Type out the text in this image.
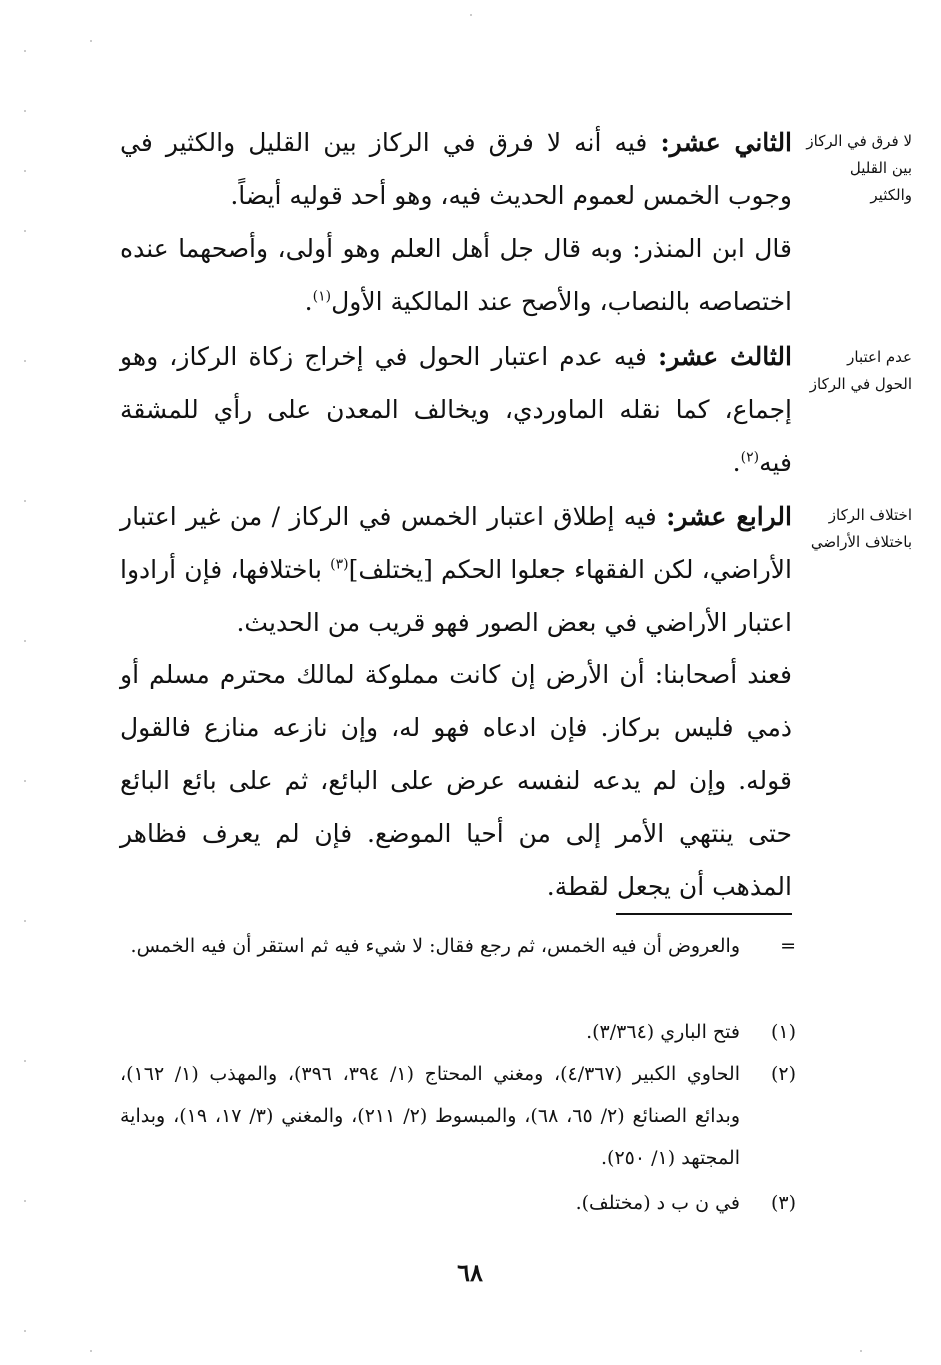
لا فرق في الركاز بين القليل والكثير
عدم اعتبار الحول في الركاز
اختلاف الركاز باختلاف الأراضي
الثاني عشر: فيه أنه لا فرق في الركاز بين القليل والكثير في وجوب الخمس لعموم الحديث فيه، وهو أحد قوليه أيضاً.
قال ابن المنذر: وبه قال جل أهل العلم وهو أولى، وأصحهما عنده اختصاصه بالنصاب، والأصح عند المالكية الأول$^{(١)}$.
الثالث عشر: فيه عدم اعتبار الحول في إخراج زكاة الركاز، وهو إجماع، كما نقله الماوردي، ويخالف المعدن على رأي للمشقة فيه$^{(٢)}$.
الرابع عشر: فيه إطلاق اعتبار الخمس في الركاز / من غير اعتبار الأراضي، لكن الفقهاء جعلوا الحكم [يختلف]$^{(٣)}$ باختلافها، فإن أرادوا اعتبار الأراضي في بعض الصور فهو قريب من الحديث.
فعند أصحابنا: أن الأرض إن كانت مملوكة لمالك محترم مسلم أو ذمي فليس بركاز. فإن ادعاه فهو له، وإن نازعه منازع فالقول قوله. وإن لم يدعه لنفسه عرض على البائع، ثم على بائع البائع حتى ينتهي الأمر إلى من أحيا الموضع. فإن لم يعرف فظاهر المذهب أن يجعل لقطة.
=
والعروض أن فيه الخمس، ثم رجع فقال: لا شيء فيه ثم استقر أن فيه الخمس.
(١)
فتح الباري (٣/٣٦٤).
(٢)
الحاوي الكبير (٤/٣٦٧)، ومغني المحتاج (١/ ٣٩٤، ٣٩٦)، والمهذب (١/ ١٦٢)، وبدائع الصنائع (٢/ ٦٥، ٦٨)، والمبسوط (٢/ ٢١١)، والمغني (٣/ ١٧، ١٩)، وبداية المجتهد (١/ ٢٥٠).
(٣)
في ن ب د (مختلف).
٦٨
